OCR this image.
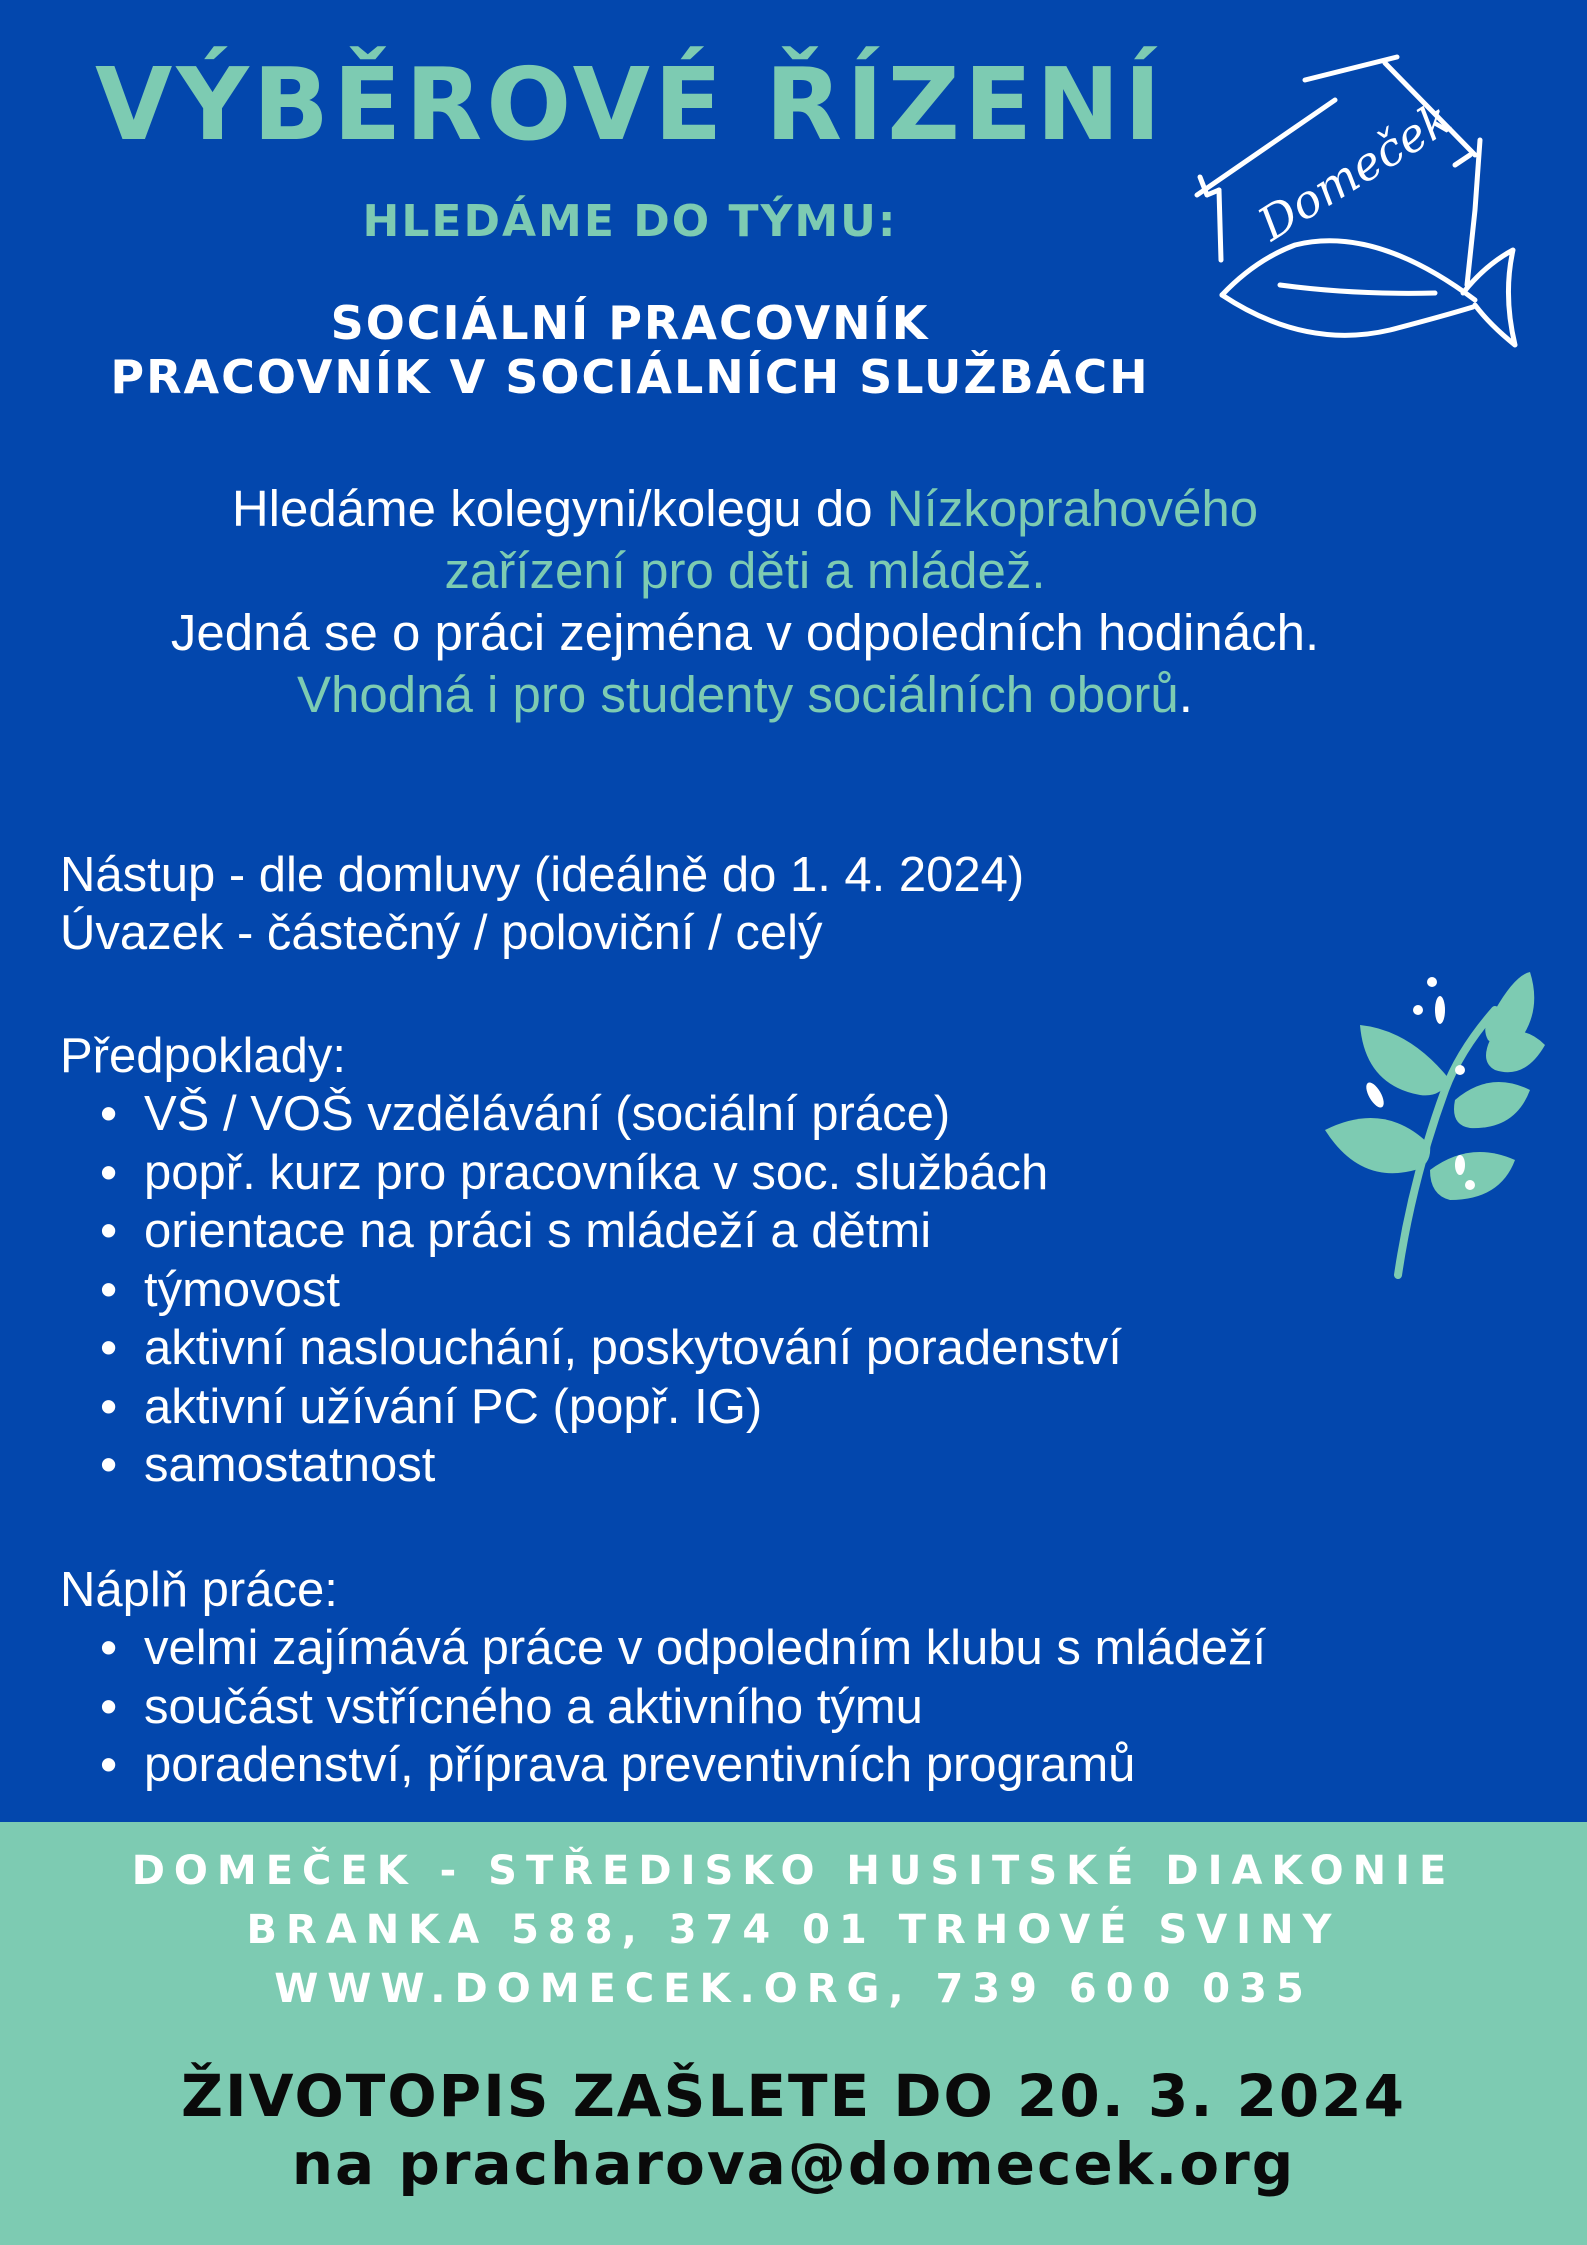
VÝBĚROVÉ ŘÍZENÍ
HLEDÁME DO TÝMU:
SOCIÁLNÍ PRACOVNÍK
PRACOVNÍK V SOCIÁLNÍCH SLUŽBÁCH
Domeček
Hledáme kolegyni/kolegu do Nízkoprahového
zařízení pro děti a mládež.
Jedná se o práci zejména v odpoledních hodinách.
Vhodná i pro studenty sociálních oborů.

Nástup - dle domluvy (ideálně do 1. 4. 2024)

Úvazek - částečný / poloviční / celý

Předpoklady:
• VŠ / VOŠ vzdělávání (sociální práce)
• popř. kurz pro pracovníka v soc. službách
• orientace na práci s mládeží a dětmi
• týmovost
• aktivní naslouchání, poskytování poradenství
• aktivní užívání PC (popř. IG)
• samostatnost
Náplň práce:
• velmi zajímává práce v odpoledním klubu s mládeží
• součást vstřícného a aktivního týmu
• poradenství, příprava preventivních programů
DOMEČEK - STŘEDISKO HUSITSKÉ DIAKONIE
BRANKA 588, 374 01 TRHOVÉ SVINY
WWW.DOMECEK.ORG, 739 600 035
ŽIVOTOPIS ZAŠLETE DO 20. 3. 2024
na pracharova@domecek.org
